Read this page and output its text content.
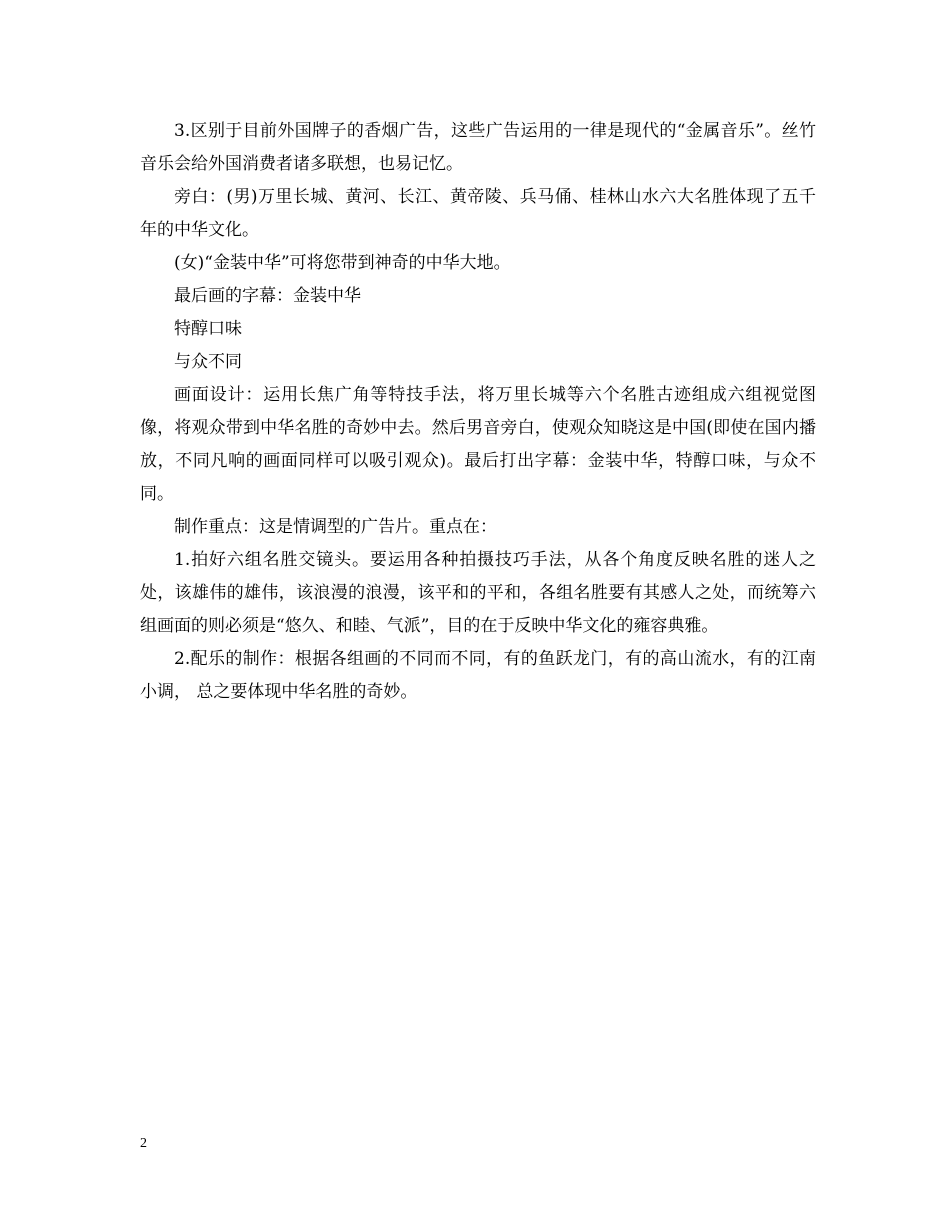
3.区别于目前外国牌子的香烟广告，这些广告运用的一律是现代的“金属音乐”。丝竹音乐会给外国消费者诸多联想，也易记忆。

旁白：(男)万里长城、黄河、长江、黄帝陵、兵马俑、桂林山水六大名胜体现了五千年的中华文化。

(女)“金装中华”可将您带到神奇的中华大地。

最后画的字幕：金装中华

特醇口味

与众不同

画面设计：运用长焦广角等特技手法，将万里长城等六个名胜古迹组成六组视觉图像，将观众带到中华名胜的奇妙中去。然后男音旁白，使观众知晓这是中国(即使在国内播放，不同凡响的画面同样可以吸引观众)。最后打出字幕：金装中华，特醇口味，与众不同。

制作重点：这是情调型的广告片。重点在：

1.拍好六组名胜交镜头。要运用各种拍摄技巧手法，从各个角度反映名胜的迷人之处，该雄伟的雄伟，该浪漫的浪漫，该平和的平和，各组名胜要有其感人之处，而统筹六组画面的则必须是“悠久、和睦、气派”，目的在于反映中华文化的雍容典雅。

2.配乐的制作：根据各组画的不同而不同，有的鱼跃龙门，有的高山流水，有的江南小调， 总之要体现中华名胜的奇妙。

2
